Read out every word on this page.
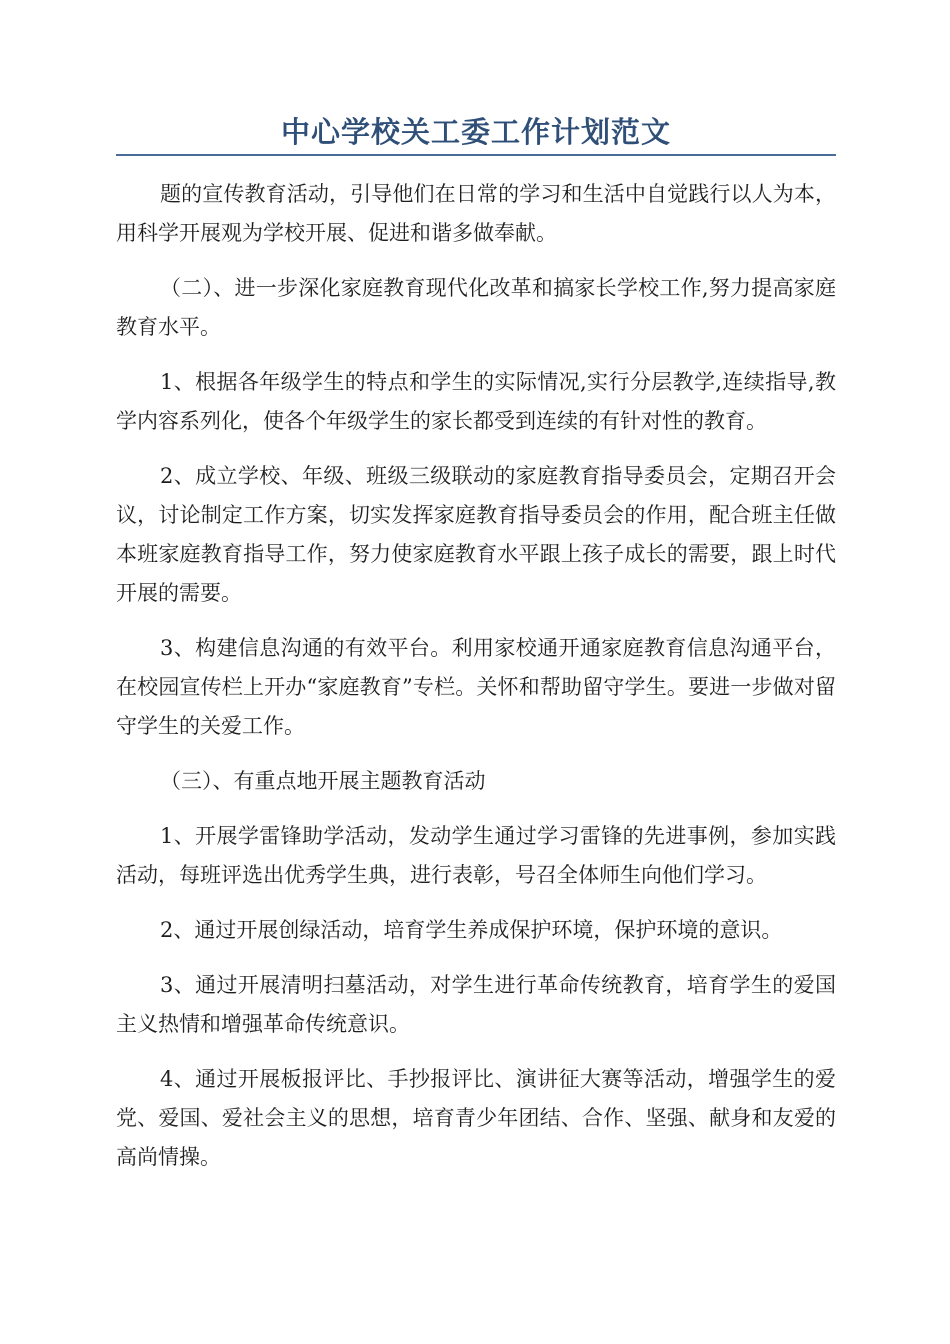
中心学校关工委工作计划范文

题的宣传教育活动，引导他们在日常的学习和生活中自觉践行以人为本，用科学开展观为学校开展、促进和谐多做奉献。

（二）、进一步深化家庭教育现代化改革和搞家长学校工作,努力提高家庭教育水平。

1、根据各年级学生的特点和学生的实际情况,实行分层教学,连续指导,教学内容系列化，使各个年级学生的家长都受到连续的有针对性的教育。

2、成立学校、年级、班级三级联动的家庭教育指导委员会，定期召开会议，讨论制定工作方案，切实发挥家庭教育指导委员会的作用，配合班主任做本班家庭教育指导工作，努力使家庭教育水平跟上孩子成长的需要，跟上时代开展的需要。

3、构建信息沟通的有效平台。利用家校通开通家庭教育信息沟通平台，在校园宣传栏上开办“家庭教育”专栏。关怀和帮助留守学生。要进一步做对留守学生的关爱工作。

（三）、有重点地开展主题教育活动

1、开展学雷锋助学活动，发动学生通过学习雷锋的先进事例，参加实践活动，每班评选出优秀学生典，进行表彰，号召全体师生向他们学习。

2、通过开展创绿活动，培育学生养成保护环境，保护环境的意识。

3、通过开展清明扫墓活动，对学生进行革命传统教育，培育学生的爱国主义热情和增强革命传统意识。

4、通过开展板报评比、手抄报评比、演讲征大赛等活动，增强学生的爱党、爱国、爱社会主义的思想，培育青少年团结、合作、坚强、献身和友爱的高尚情操。
